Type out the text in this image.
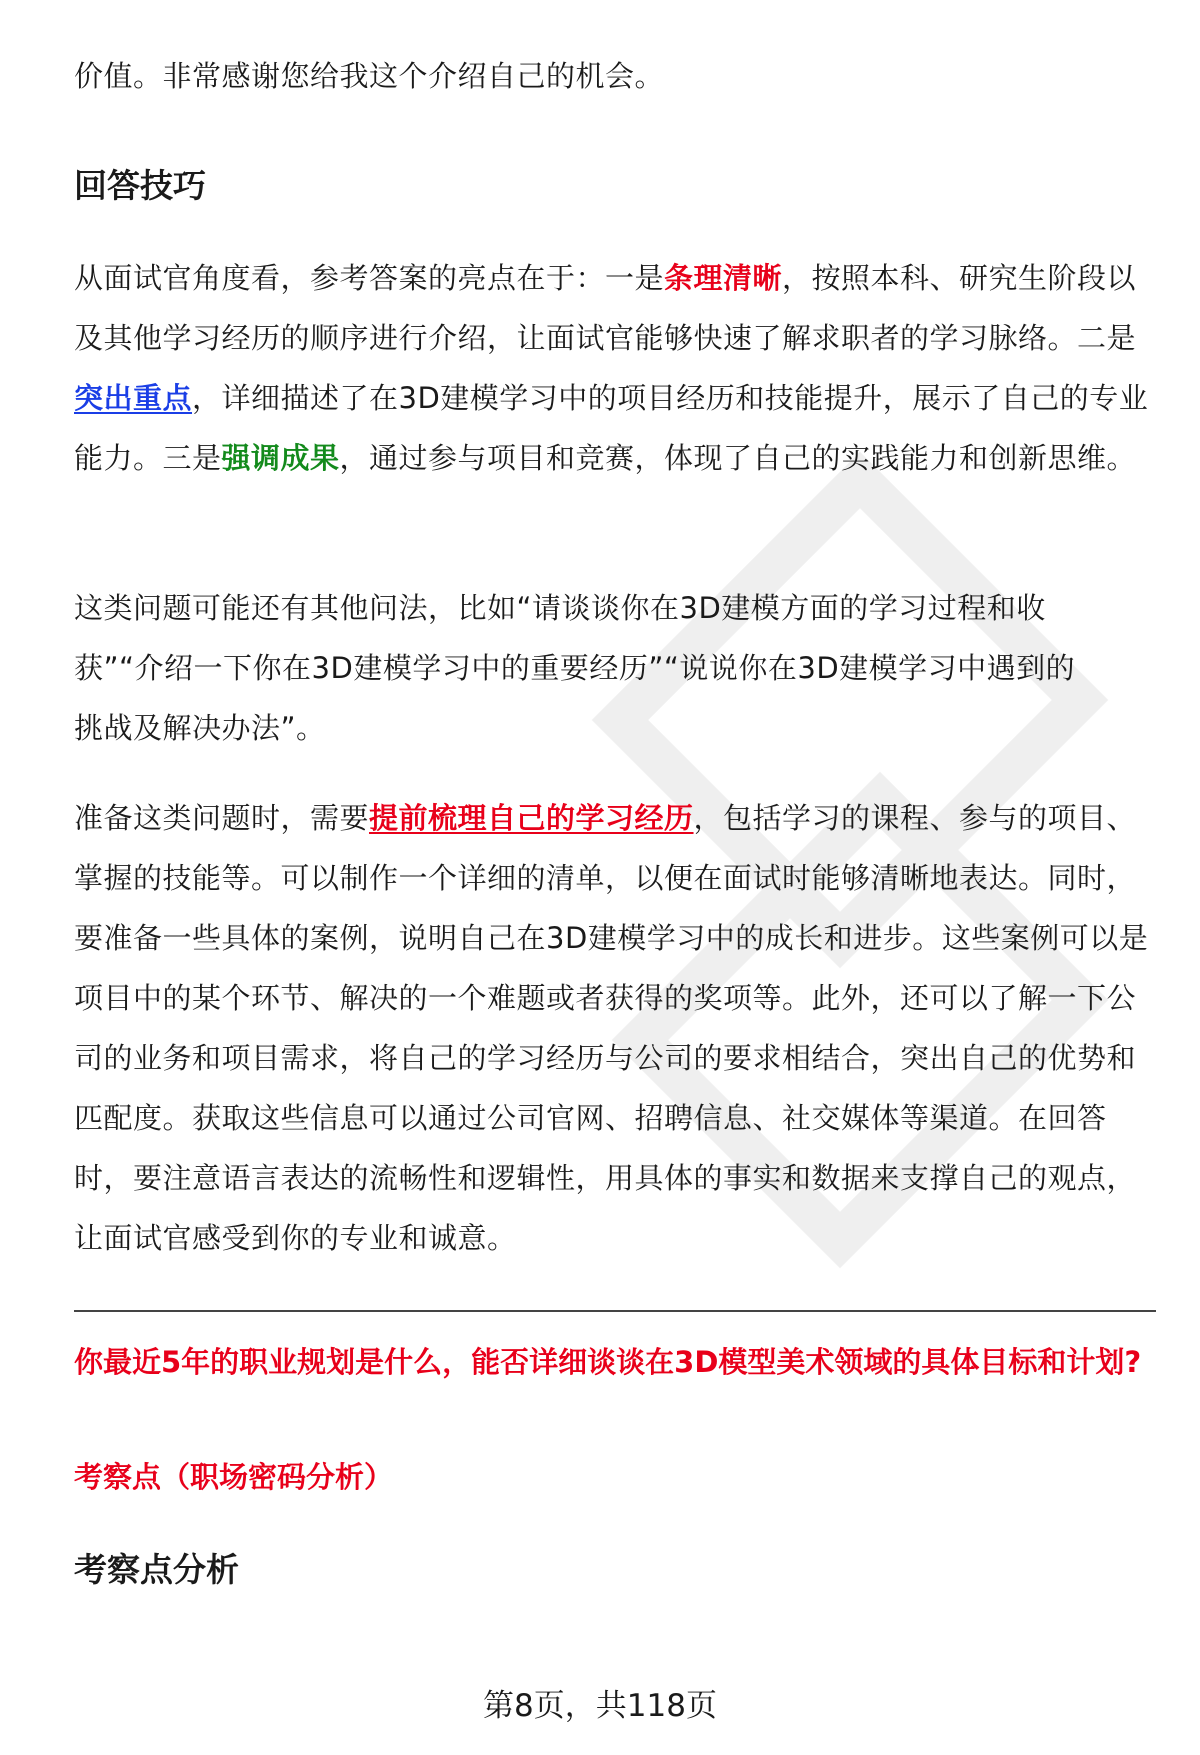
价值。非常感谢您给我这个介绍自己的机会。

回答技巧

从面试官角度看，参考答案的亮点在于：一是条理清晰，按照本科、研究生阶段以及其他学习经历的顺序进行介绍，让面试官能够快速了解求职者的学习脉络。二是突出重点，详细描述了在3D建模学习中的项目经历和技能提升，展示了自己的专业能力。三是强调成果，通过参与项目和竞赛，体现了自己的实践能力和创新思维。

这类问题可能还有其他问法，比如“请谈谈你在3D建模方面的学习过程和收获”“介绍一下你在3D建模学习中的重要经历”“说说你在3D建模学习中遇到的挑战及解决办法”。

准备这类问题时，需要提前梳理自己的学习经历，包括学习的课程、参与的项目、掌握的技能等。可以制作一个详细的清单，以便在面试时能够清晰地表达。同时，要准备一些具体的案例，说明自己在3D建模学习中的成长和进步。这些案例可以是项目中的某个环节、解决的一个难题或者获得的奖项等。此外，还可以了解一下公司的业务和项目需求，将自己的学习经历与公司的要求相结合，突出自己的优势和匹配度。获取这些信息可以通过公司官网、招聘信息、社交媒体等渠道。在回答时，要注意语言表达的流畅性和逻辑性，用具体的事实和数据来支撑自己的观点，让面试官感受到你的专业和诚意。

你最近5年的职业规划是什么，能否详细谈谈在3D模型美术领域的具体目标和计划?

考察点（职场密码分析）

考察点分析

第8页，共118页
